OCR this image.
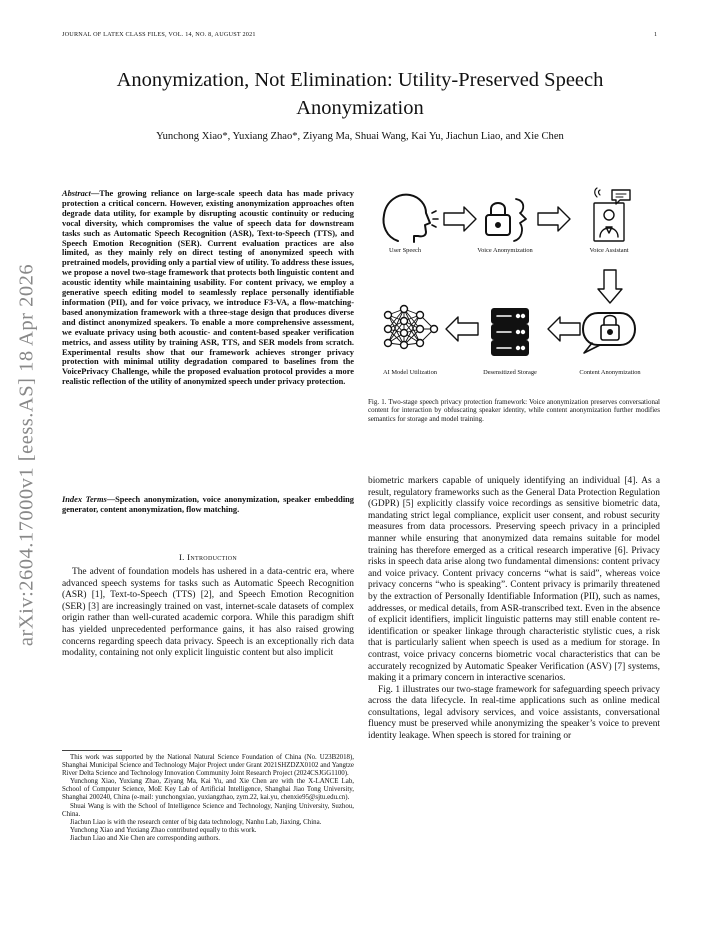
JOURNAL OF LATEX CLASS FILES, VOL. 14, NO. 8, AUGUST 2021	1
Anonymization, Not Elimination: Utility-Preserved Speech Anonymization
Yunchong Xiao*, Yuxiang Zhao*, Ziyang Ma, Shuai Wang, Kai Yu, Jiachun Liao, and Xie Chen
arXiv:2604.17000v1 [eess.AS] 18 Apr 2026
Abstract—The growing reliance on large-scale speech data has made privacy protection a critical concern. However, existing anonymization approaches often degrade data utility, for example by disrupting acoustic continuity or reducing vocal diversity, which compromises the value of speech data for downstream tasks such as Automatic Speech Recognition (ASR), Text-to-Speech (TTS), and Speech Emotion Recognition (SER). Current evaluation practices are also limited, as they mainly rely on direct testing of anonymized speech with pretrained models, providing only a partial view of utility. To address these issues, we propose a novel two-stage framework that protects both linguistic content and acoustic identity while maintaining usability. For content privacy, we employ a generative speech editing model to seamlessly replace personally identifiable information (PII), and for voice privacy, we introduce F3-VA, a flow-matching-based anonymization framework with a three-stage design that produces diverse and distinct anonymized speakers. To enable a more comprehensive assessment, we evaluate privacy using both acoustic- and content-based speaker verification metrics, and assess utility by training ASR, TTS, and SER models from scratch. Experimental results show that our framework achieves stronger privacy protection with minimal utility degradation compared to baselines from the VoicePrivacy Challenge, while the proposed evaluation protocol provides a more realistic reflection of the utility of anonymized speech under privacy protection.
Index Terms—Speech anonymization, voice anonymization, speaker embedding generator, content anonymization, flow matching.
I. Introduction
The advent of foundation models has ushered in a data-centric era, where advanced speech systems for tasks such as Automatic Speech Recognition (ASR) [1], Text-to-Speech (TTS) [2], and Speech Emotion Recognition (SER) [3] are increasingly trained on vast, internet-scale datasets of complex origin rather than well-curated academic corpora. While this paradigm shift has yielded unprecedented performance gains, it has also raised growing concerns regarding speech data privacy. Speech is an exceptionally rich data modality, containing not only explicit linguistic content but also implicit

This work was supported by the National Natural Science Foundation of China (No. U23B2018), Shanghai Municipal Science and Technology Major Project under Grant 2021SHZDZX0102 and Yangtze River Delta Science and Technology Innovation Community Joint Research Project (2024CSJGG1100).

Yunchong Xiao, Yuxiang Zhao, Ziyang Ma, Kai Yu, and Xie Chen are with the X-LANCE Lab, School of Computer Science, MoE Key Lab of Artificial Intelligence, Shanghai Jiao Tong University, Shanghai 200240, China (e-mail: yunchongxiao, yuxiangzhao, zym.22, kai.yu, chenxie95@sjtu.edu.cn).

Shuai Wang is with the School of Intelligence Science and Technology, Nanjing University, Suzhou, China.

Jiachun Liao is with the research center of big data technology, Nanhu Lab, Jiaxing, China.

Yunchong Xiao and Yuxiang Zhao contributed equally to this work.

Jiachun Liao and Xie Chen are corresponding authors.

User Speech	Voice Anonymization	Voice Assistant
AI Model Utilization	Desensitized Storage	Content Anonymization
Fig. 1. Two-stage speech privacy protection framework: Voice anonymization preserves conversational content for interaction by obfuscating speaker identity, while content anonymization further modifies semantics for storage and model training.

biometric markers capable of uniquely identifying an individual [4]. As a result, regulatory frameworks such as the General Data Protection Regulation (GDPR) [5] explicitly classify voice recordings as sensitive biometric data, mandating strict legal compliance, explicit user consent, and robust security measures from data processors. Preserving speech privacy in a principled manner while ensuring that anonymized data remains suitable for model training has therefore emerged as a critical research imperative [6]. Privacy risks in speech data arise along two fundamental dimensions: content privacy and voice privacy. Content privacy concerns “what is said”, whereas voice privacy concerns “who is speaking”. Content privacy is primarily threatened by the extraction of Personally Identifiable Information (PII), such as names, addresses, or medical details, from ASR-transcribed text. Even in the absence of explicit identifiers, implicit linguistic patterns may still enable content re-identification or speaker linkage through characteristic stylistic cues, a risk that is particularly salient when speech is used as a medium for storage. In contrast, voice privacy concerns biometric vocal characteristics that can be accurately recognized by Automatic Speaker Verification (ASV) [7] systems, making it a primary concern in interactive scenarios.

Fig. 1 illustrates our two-stage framework for safeguarding speech privacy across the data lifecycle. In real-time applications such as online medical consultations, legal advisory services, and voice assistants, conversational fluency must be preserved while anonymizing the speaker’s voice to prevent identity leakage. When speech is stored for training or
